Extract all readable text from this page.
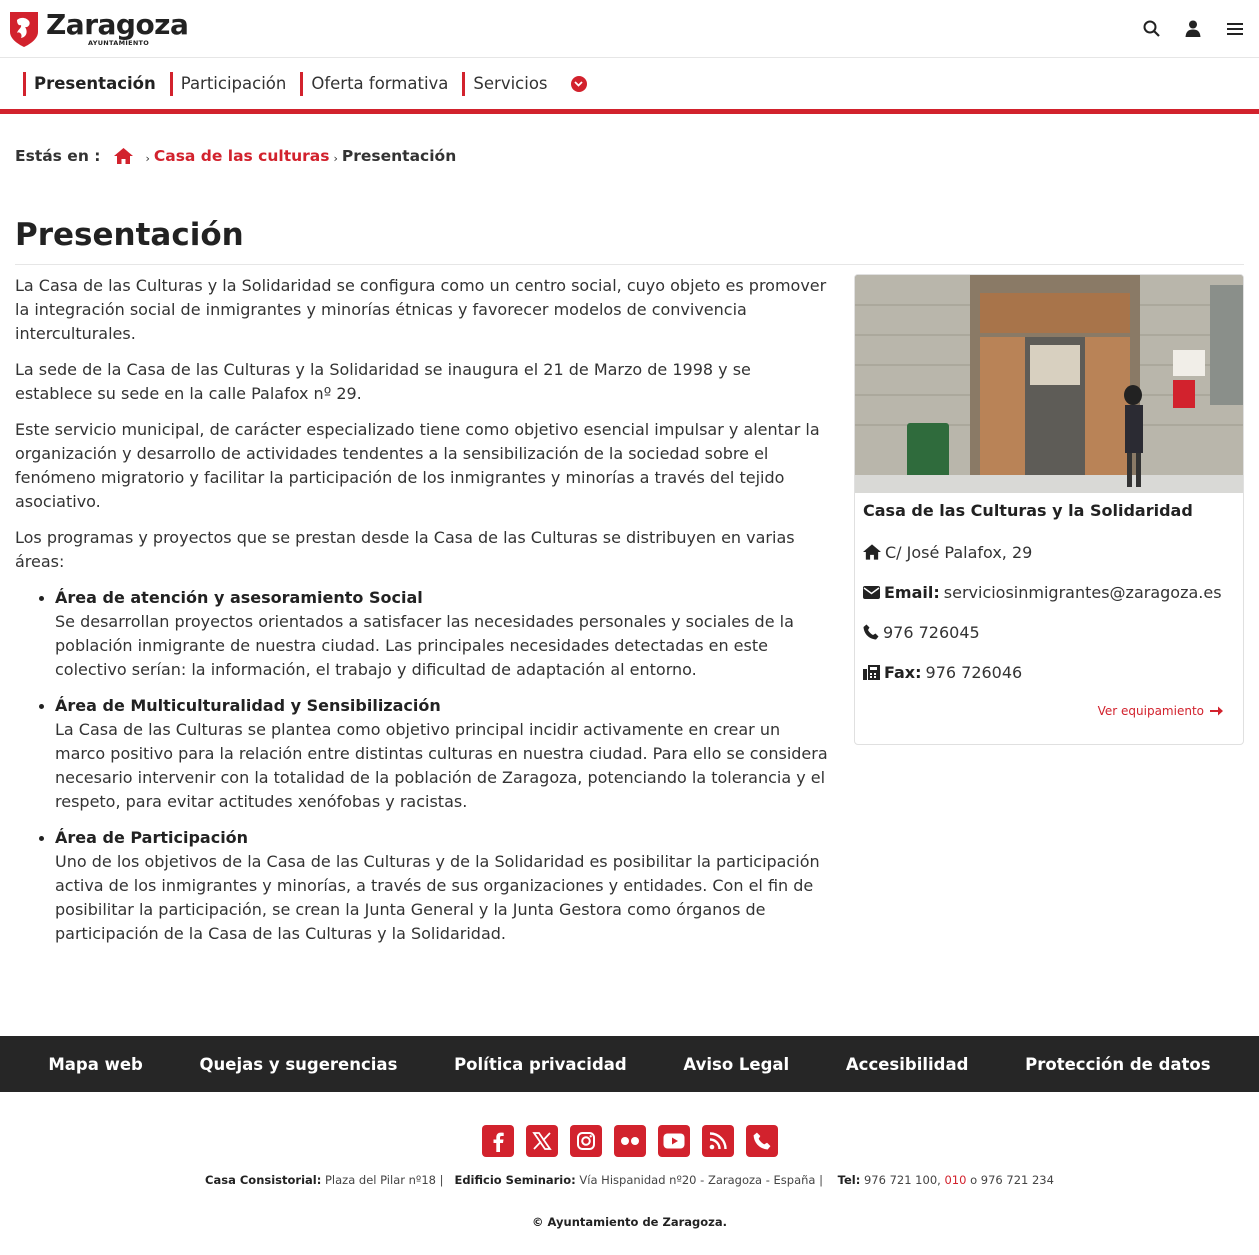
Zaragoza
AYUNTAMIENTO
Presentación	Participación	Oferta formativa	Servicios
Estás en :	› Casa de las culturas › Presentación
Presentación

La Casa de las Culturas y la Solidaridad se configura como un centro social, cuyo objeto es promover la integración social de inmigrantes y minorías étnicas y favorecer modelos de convivencia interculturales.

La sede de la Casa de las Culturas y la Solidaridad se inaugura el 21 de Marzo de 1998 y se establece su sede en la calle Palafox nº 29.

Este servicio municipal, de carácter especializado tiene como objetivo esencial impulsar y alentar la organización y desarrollo de actividades tendentes a la sensibilización de la sociedad sobre el fenómeno migratorio y facilitar la participación de los inmigrantes y minorías a través del tejido asociativo.

Los programas y proyectos que se prestan desde la Casa de las Culturas se distribuyen en varias áreas:

Área de atención y asesoramiento Social
Se desarrollan proyectos orientados a satisfacer las necesidades personales y sociales de la población inmigrante de nuestra ciudad. Las principales necesidades detectadas en este colectivo serían: la información, el trabajo y dificultad de adaptación al entorno.
Área de Multiculturalidad y Sensibilización
La Casa de las Culturas se plantea como objetivo principal incidir activamente en crear un marco positivo para la relación entre distintas culturas en nuestra ciudad. Para ello se considera necesario intervenir con la totalidad de la población de Zaragoza, potenciando la tolerancia y el respeto, para evitar actitudes xenófobas y racistas.
Área de Participación
Uno de los objetivos de la Casa de las Culturas y de la Solidaridad es posibilitar la participación activa de los inmigrantes y minorías, a través de sus organizaciones y entidades. Con el fin de posibilitar la participación, se crean la Junta General y la Junta Gestora como órganos de participación de la Casa de las Culturas y la Solidaridad.
Casa de las Culturas y la Solidaridad
C/ José Palafox, 29
Email: serviciosinmigrantes@zaragoza.es
976 726045
Fax: 976 726046
Ver equipamiento
Mapa web	Quejas y sugerencias	Política privacidad	Aviso Legal	Accesibilidad	Protección de datos
Casa Consistorial: Plaza del Pilar nº18 | Edificio Seminario: Vía Hispanidad nº20 - Zaragoza - España | Tel: 976 721 100, 010 o 976 721 234
© Ayuntamiento de Zaragoza.
